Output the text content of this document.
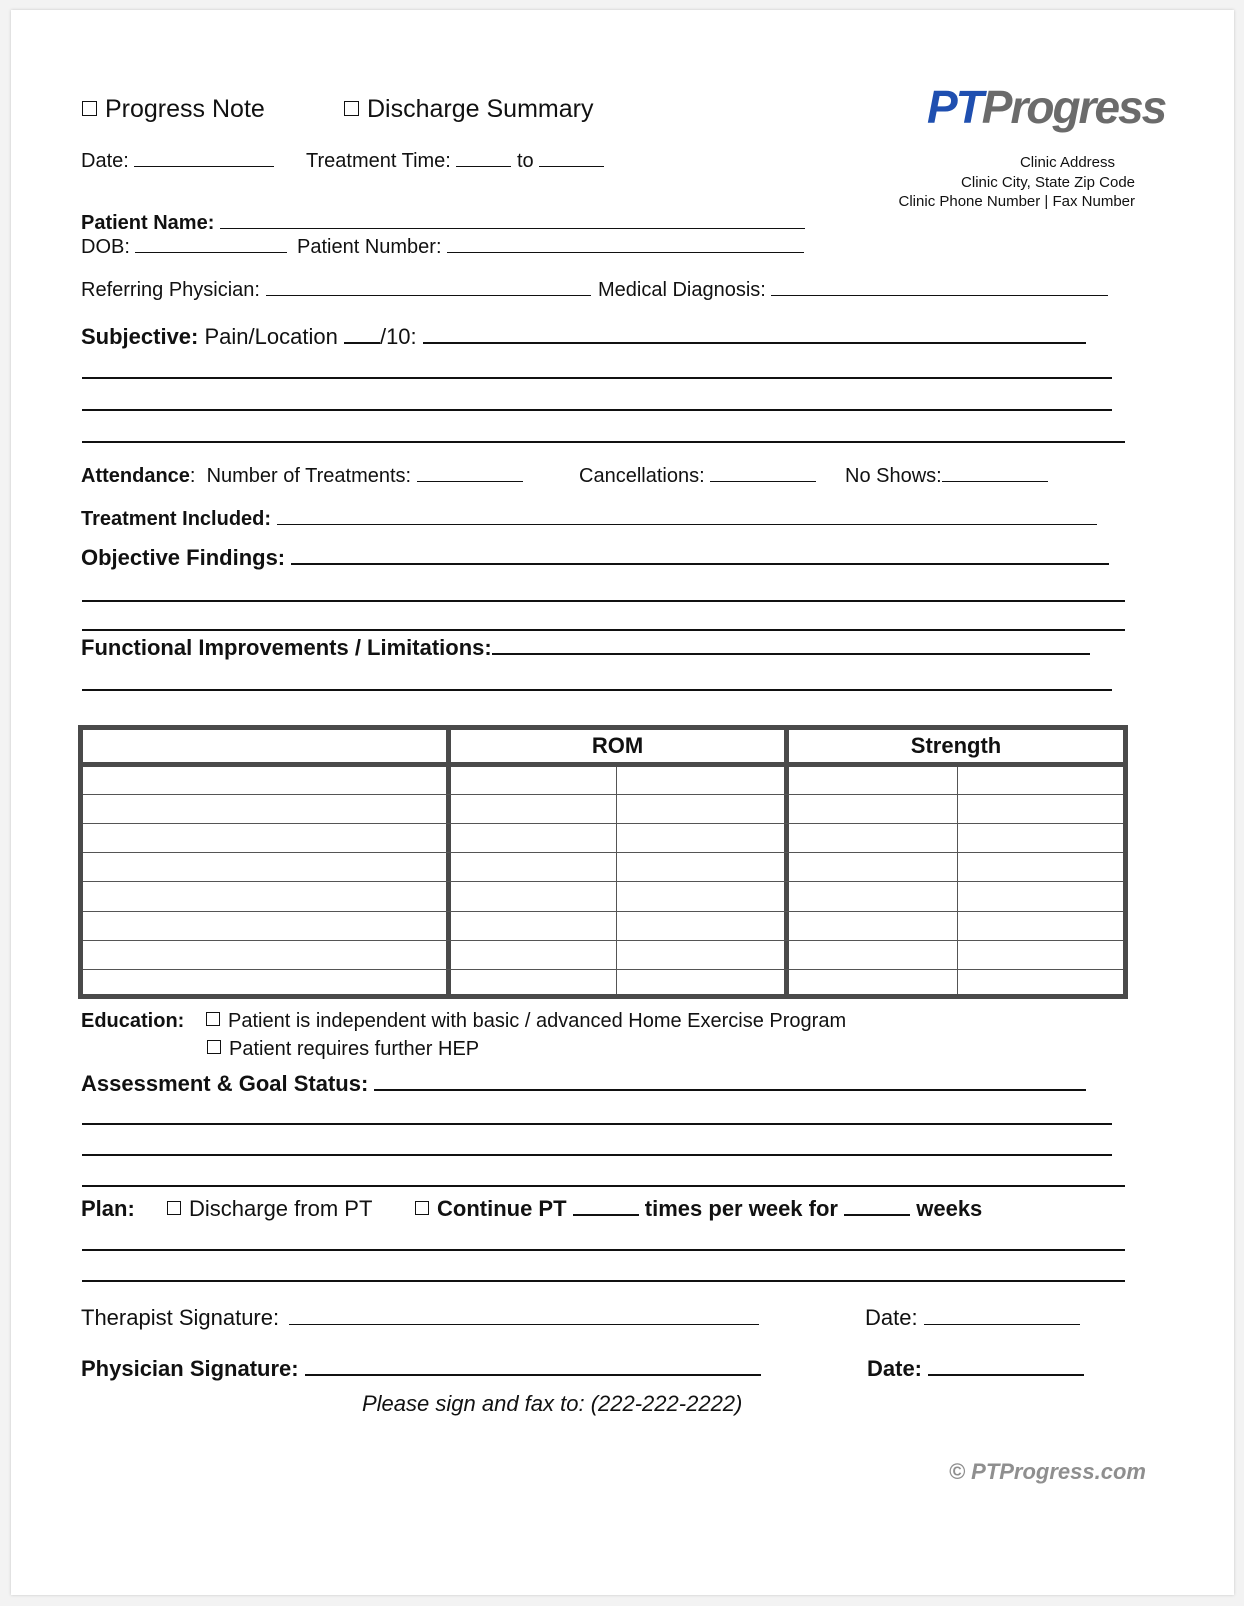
Progress Note	Discharge Summary	PTProgress
Clinic Address
Clinic City, State Zip Code
Clinic Phone Number | Fax Number
Date:	Treatment Time:	to
Patient Name:
DOB:	Patient Number:
Referring Physician:	Medical Diagnosis:
Subjective: Pain/Location /10:
Attendance:  Number of Treatments:	Cancellations:	No Shows:
Treatment Included:
Objective Findings:
Functional Improvements / Limitations:
ROM	Strength
Education:	Patient is independent with basic / advanced Home Exercise Program
Patient requires further HEP
Assessment & Goal Status:
Plan:	Discharge from PT	Continue PT	times per week for	weeks
Therapist Signature:	Date:
Physician Signature:	Date:
Please sign and fax to: (222-222-2222)
© PTProgress.com
